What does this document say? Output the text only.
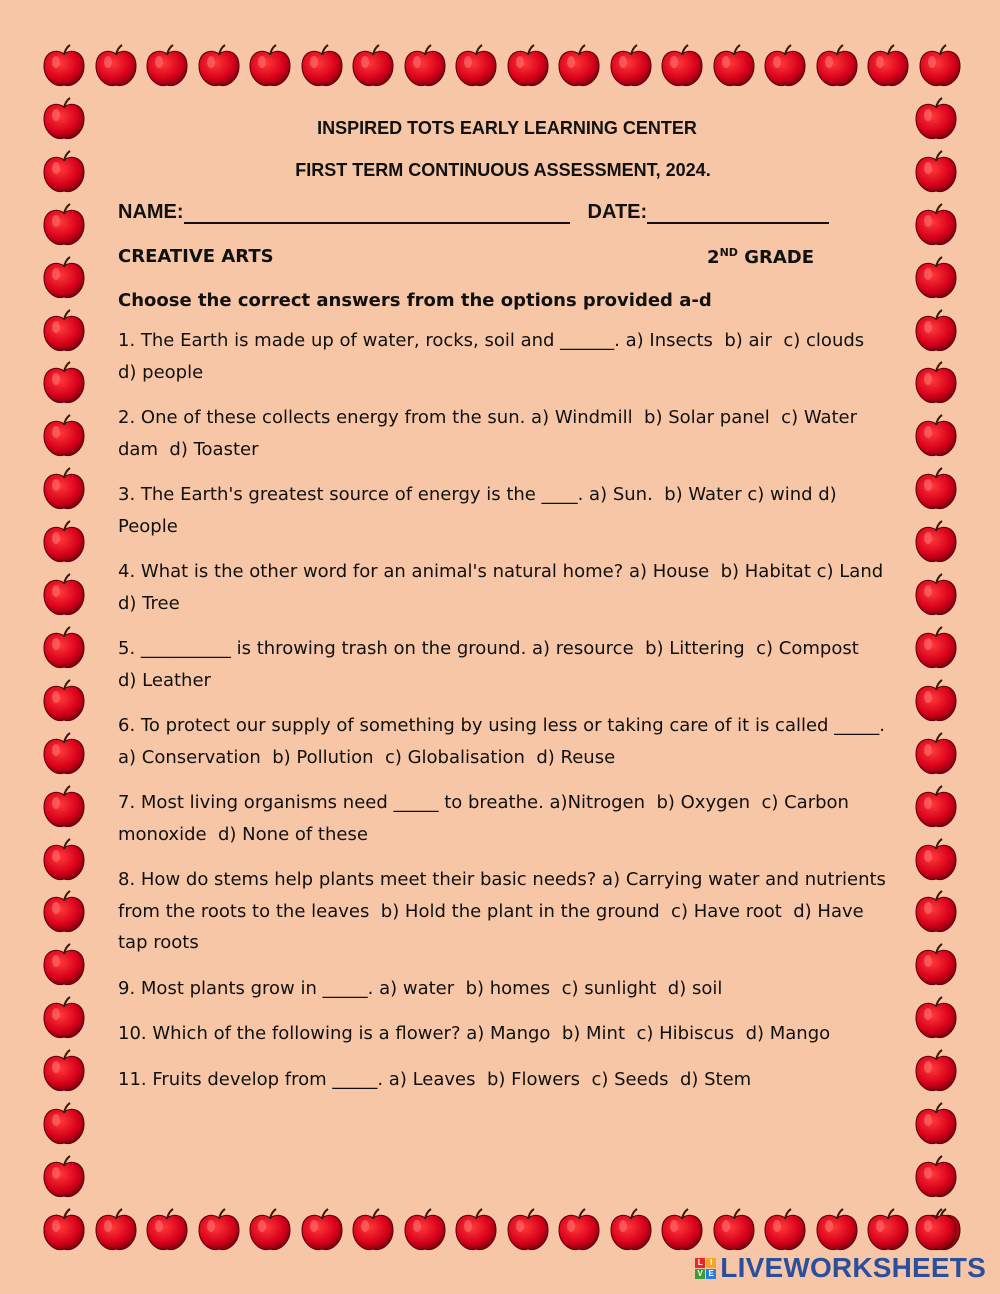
INSPIRED TOTS EARLY LEARNING CENTER
FIRST TERM CONTINUOUS ASSESSMENT, 2024.
NAME:	DATE:
CREATIVE ARTS	2ND GRADE
Choose the correct answers from the options provided a-d
1. The Earth is made up of water, rocks, soil and ______. a) Insects  b) air  c) clouds   d) people
2. One of these collects energy from the sun. a) Windmill  b) Solar panel  c) Water dam  d) Toaster
3. The Earth's greatest source of energy is the ____. a) Sun.  b) Water c) wind d) People
4. What is the other word for an animal's natural home? a) House  b) Habitat c) Land  d) Tree
5. __________ is throwing trash on the ground. a) resource  b) Littering  c) Compost       d) Leather
6. To protect our supply of something by using less or taking care of it is called _____. a) Conservation  b) Pollution  c) Globalisation  d) Reuse
7. Most living organisms need _____ to breathe. a)Nitrogen  b) Oxygen  c) Carbon monoxide  d) None of these
8. How do stems help plants meet their basic needs? a) Carrying water and nutrients from the roots to the leaves  b) Hold the plant in the ground  c) Have root  d) Have tap roots
9. Most plants grow in _____. a) water  b) homes  c) sunlight  d) soil
10. Which of the following is a flower? a) Mango  b) Mint  c) Hibiscus  d) Mango
11. Fruits develop from _____. a) Leaves  b) Flowers  c) Seeds  d) Stem
L I
V E LIVEWORKSHEETS
